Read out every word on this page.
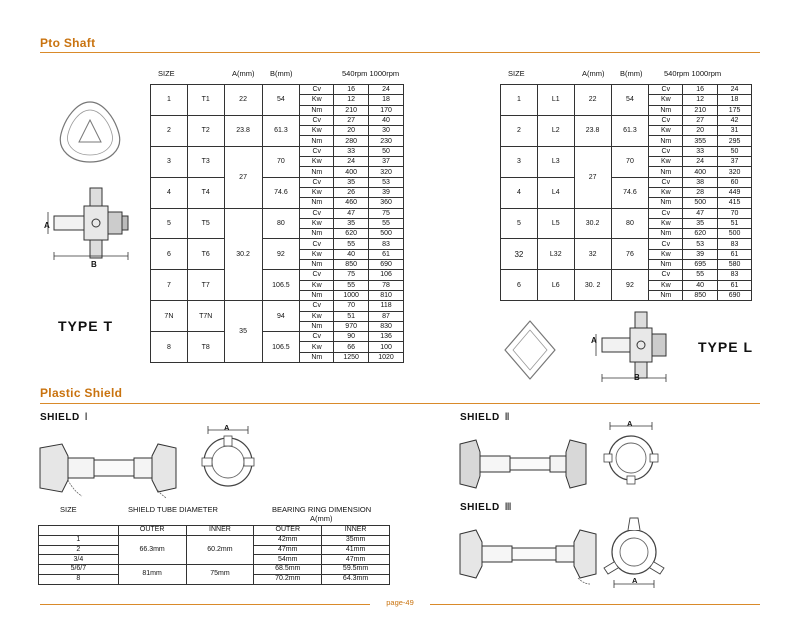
Pto Shaft
SIZE	A(mm) B(mm)	540rpm 1000rpm	SIZE	A(mm) B(mm)	540rpm 1000rpm
1	T1	22	54	Cv	16	24
				Kw	12	18
				Nm	210	170
2	T2	23.8	61.3	Cv	27	40
				Kw	20	30
				Nm	280	230
3	T3	27	70	Cv	33	50
				Kw	24	37
				Nm	400	320
4	T4		74.6	Cv	35	53
				Kw	26	39
				Nm	460	360
5	T5	30.2	80	Cv	47	75
				Kw	35	55
				Nm	620	500
6	T6		92	Cv	55	83
				Kw	40	61
				Nm	850	690
7	T7		106.5	Cv	75	106
				Kw	55	78
				Nm	1000	810
7N	T7N	35	94	Cv	70	118
				Kw	51	87
				Nm	970	830
8	T8		106.5	Cv	90	136
				Kw	66	100
				Nm	1250	1020
1	L1	22	54	Cv	16	24
				Kw	12	18
				Nm	210	175
2	L2	23.8	61.3	Cv	27	42
				Kw	20	31
				Nm	355	295
3	L3	27	70	Cv	33	50
				Kw	24	37
				Nm	400	320
4	L4		74.6	Cv	38	60
				Kw	28	449
				Nm	500	415
5	L5	30.2	80	Cv	47	70
				Kw	35	51
				Nm	620	500
32	L32	32	76	Cv	53	83
				Kw	39	61
				Nm	695	580
6	L6	30. 2	92	Cv	55	83
				Kw	40	61
				Nm	850	690
TYPE T
TYPE L
A
B
A
B
Plastic Shield
SHIELD Ⅰ	SHIELD Ⅱ
SHIELD Ⅲ
A	A
A
SIZE	SHIELD TUBE DIAMETER	BEARING RING DIMENSION
A(mm)
	OUTER	INNER	OUTER	INNER
1	66.3mm	60.2mm	42mm	35mm
2			47mm	41mm
3/4			54mm	47mm
5/6/7	81mm	75mm	68.5mm	59.5mm
8			70.2mm	64.3mm
page-49
